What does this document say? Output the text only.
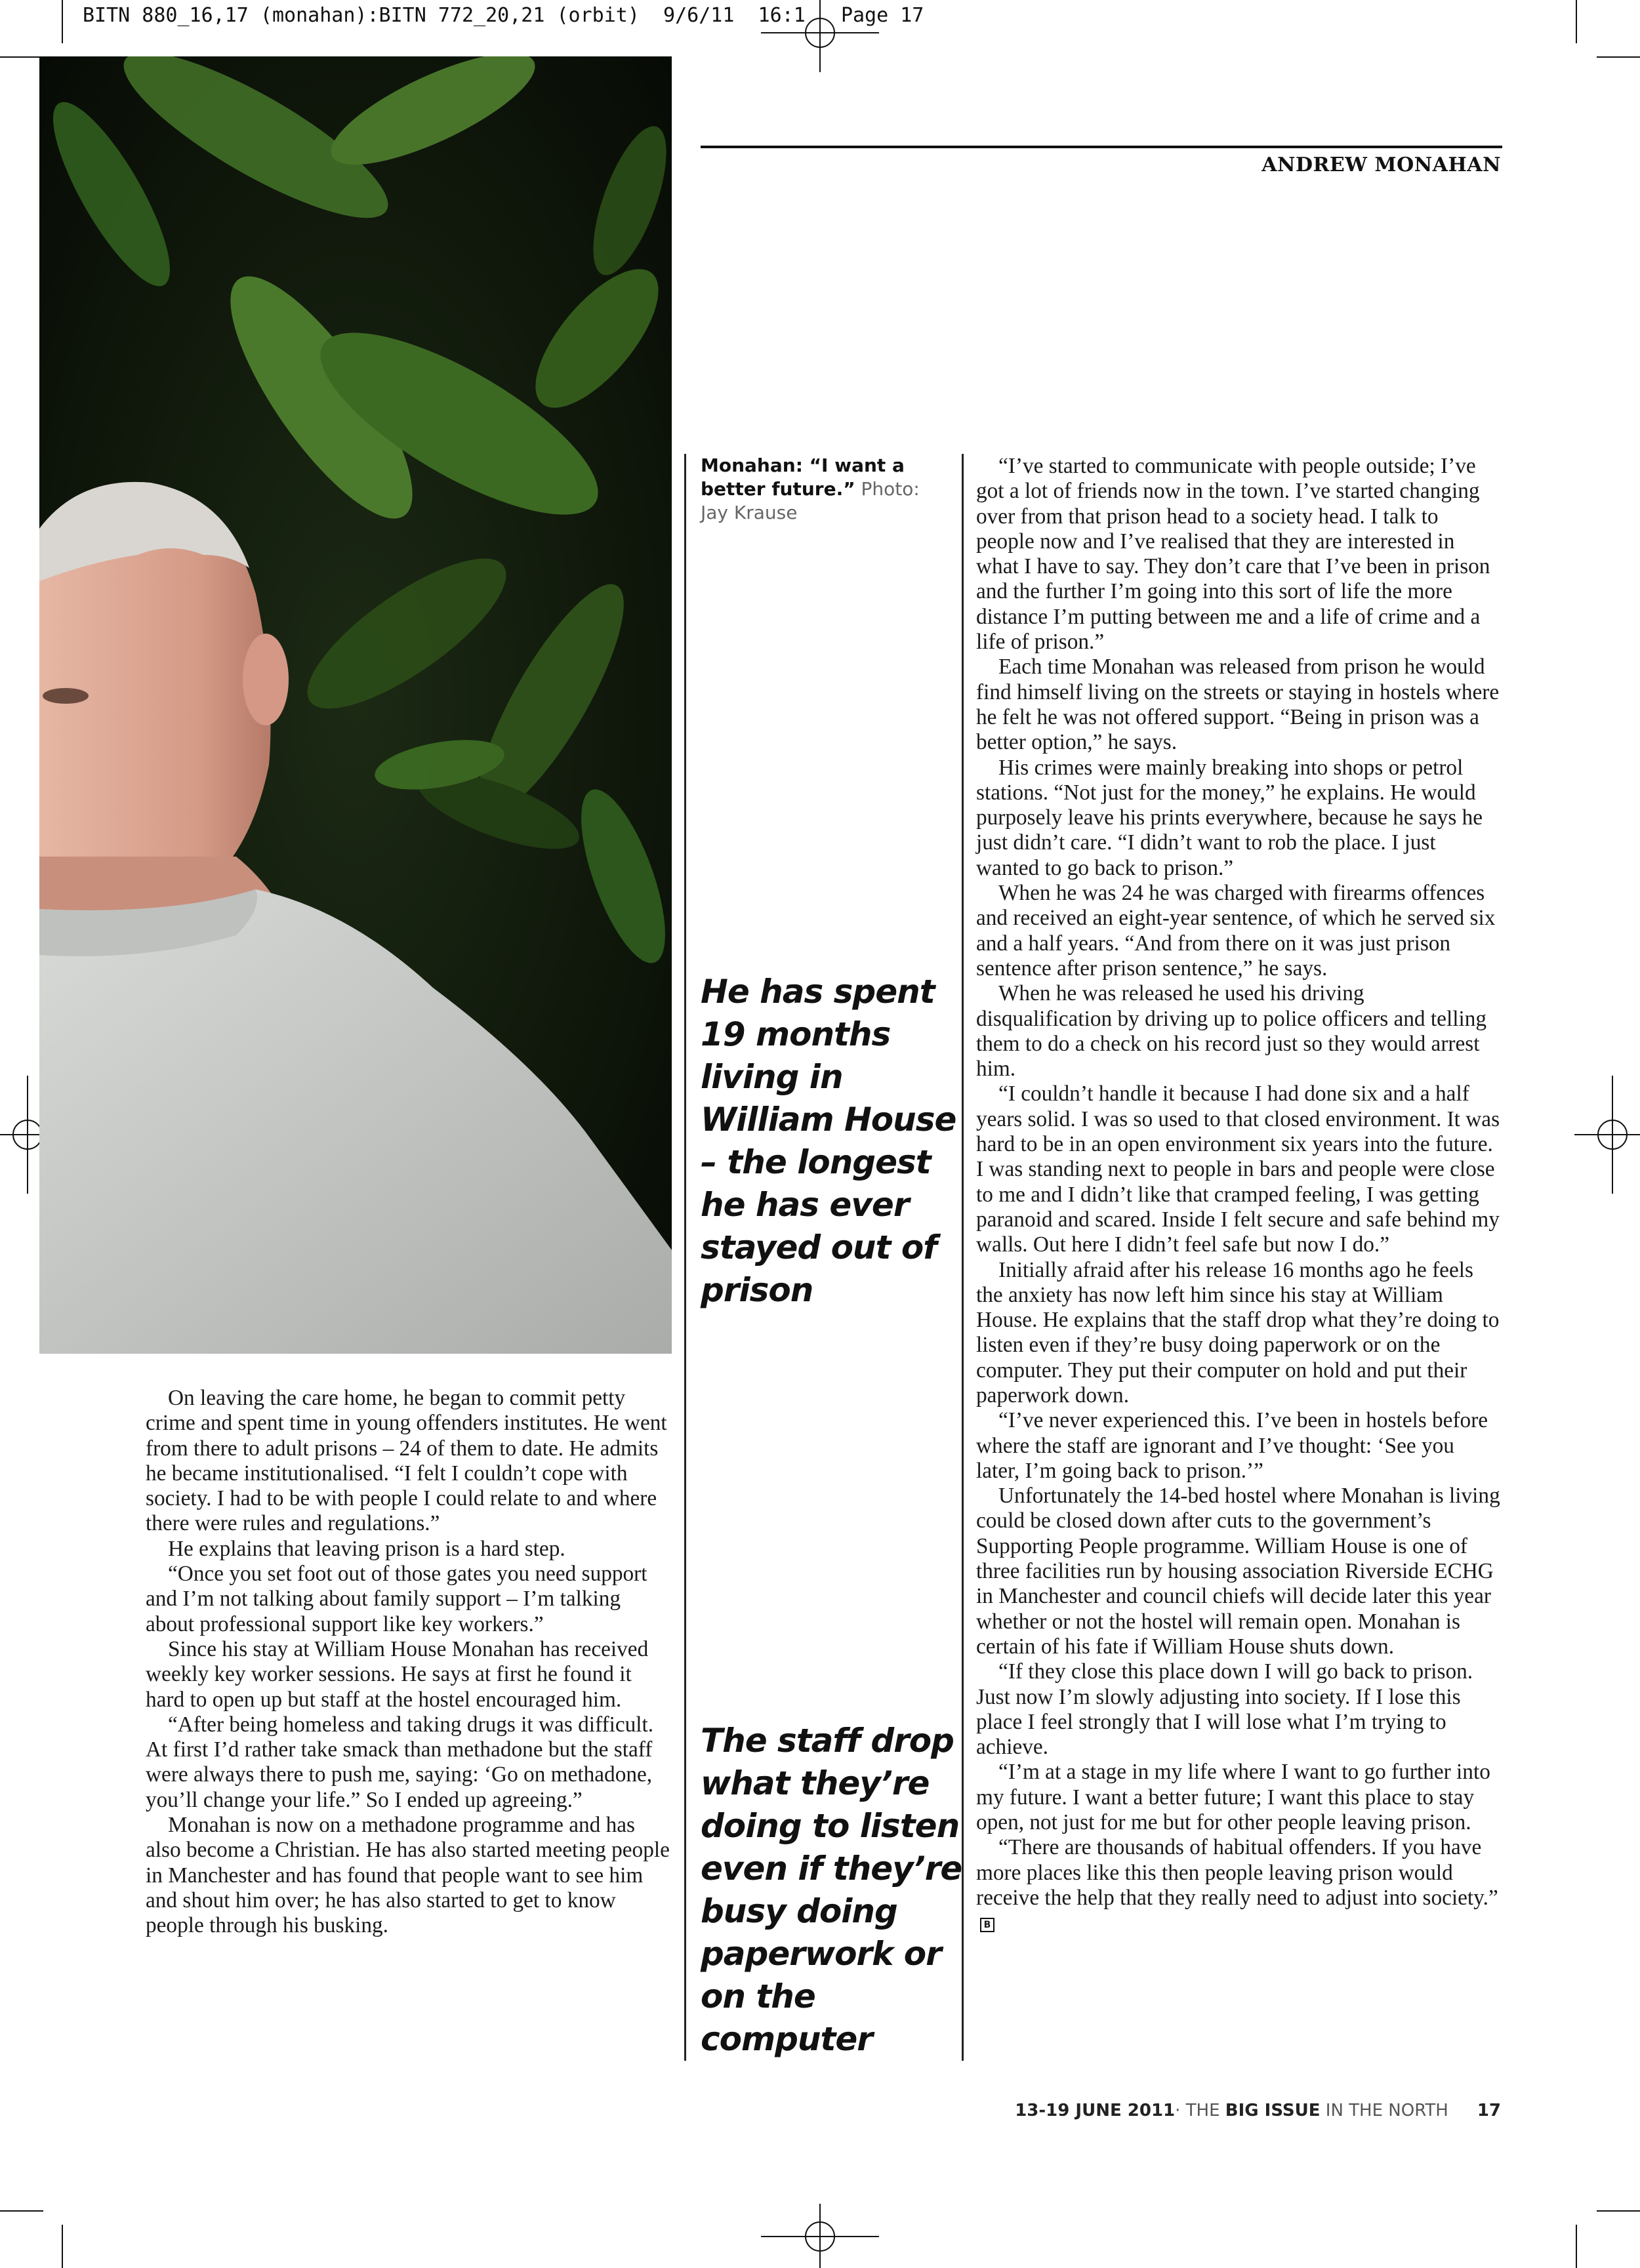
BITN 880_16,17 (monahan):BITN 772_20,21 (orbit)  9/6/11  16:1   Page 17
ANDREW MONAHAN
Monahan: “I want a better future.” Photo: Jay Krause
He has spent 19 months living in William House – the longest he has ever stayed out of prison
The staff drop what they’re doing to listen even if they’re busy doing paperwork or on the computer

On leaving the care home, he began to commit petty crime and spent time in young offenders institutes. He went from there to adult prisons – 24 of them to date. He admits he became institutionalised. “I felt I couldn’t cope with society. I had to be with people I could relate to and where there were rules and regulations.”

He explains that leaving prison is a hard step.

“Once you set foot out of those gates you need support and I’m not talking about family support – I’m talking about professional support like key workers.”

Since his stay at William House Monahan has received weekly key worker sessions. He says at first he found it hard to open up but staff at the hostel encouraged him.

“After being homeless and taking drugs it was difficult. At first I’d rather take smack than methadone but the staff were always there to push me, saying: ‘Go on methadone, you’ll change your life.” So I ended up agreeing.”

Monahan is now on a methadone programme and has also become a Christian. He has also started meeting people in Manchester and has found that people want to see him and shout him over; he has also started to get to know people through his busking.

“I’ve started to communicate with people outside; I’ve got a lot of friends now in the town. I’ve started changing over from that prison head to a society head. I talk to people now and I’ve realised that they are interested in what I have to say. They don’t care that I’ve been in prison and the further I’m going into this sort of life the more distance I’m putting between me and a life of crime and a life of prison.”

Each time Monahan was released from prison he would find himself living on the streets or staying in hostels where he felt he was not offered support. “Being in prison was a better option,” he says.

His crimes were mainly breaking into shops or petrol stations. “Not just for the money,” he explains. He would purposely leave his prints everywhere, because he says he just didn’t care. “I didn’t want to rob the place. I just wanted to go back to prison.”

When he was 24 he was charged with firearms offences and received an eight-year sentence, of which he served six and a half years. “And from there on it was just prison sentence after prison sentence,” he says.

When he was released he used his driving disqualification by driving up to police officers and telling them to do a check on his record just so they would arrest him.

“I couldn’t handle it because I had done six and a half years solid. I was so used to that closed environment. It was hard to be in an open environment six years into the future. I was standing next to people in bars and people were close to me and I didn’t like that cramped feeling, I was getting paranoid and scared. Inside I felt secure and safe behind my walls. Out here I didn’t feel safe but now I do.”

Initially afraid after his release 16 months ago he feels the anxiety has now left him since his stay at William House. He explains that the staff drop what they’re doing to listen even if they’re busy doing paperwork or on the computer. They put their computer on hold and put their paperwork down.

“I’ve never experienced this. I’ve been in hostels before where the staff are ignorant and I’ve thought: ‘See you later, I’m going back to prison.’”

Unfortunately the 14-bed hostel where Monahan is living could be closed down after cuts to the government’s Supporting People programme. William House is one of three facilities run by housing association Riverside ECHG in Manchester and council chiefs will decide later this year whether or not the hostel will remain open. Monahan is certain of his fate if William House shuts down.

“If they close this place down I will go back to prison. Just now I’m slowly adjusting into society. If I lose this place I feel strongly that I will lose what I’m trying to achieve.

“I’m at a stage in my life where I want to go further into my future. I want a better future; I want this place to stay open, not just for me but for other people leaving prison.

“There are thousands of habitual offenders. If you have more places like this then people leaving prison would receive the help that they really need to adjust into society.”B

13-19 JUNE 2011· THE BIG ISSUE IN THE NORTH 17
